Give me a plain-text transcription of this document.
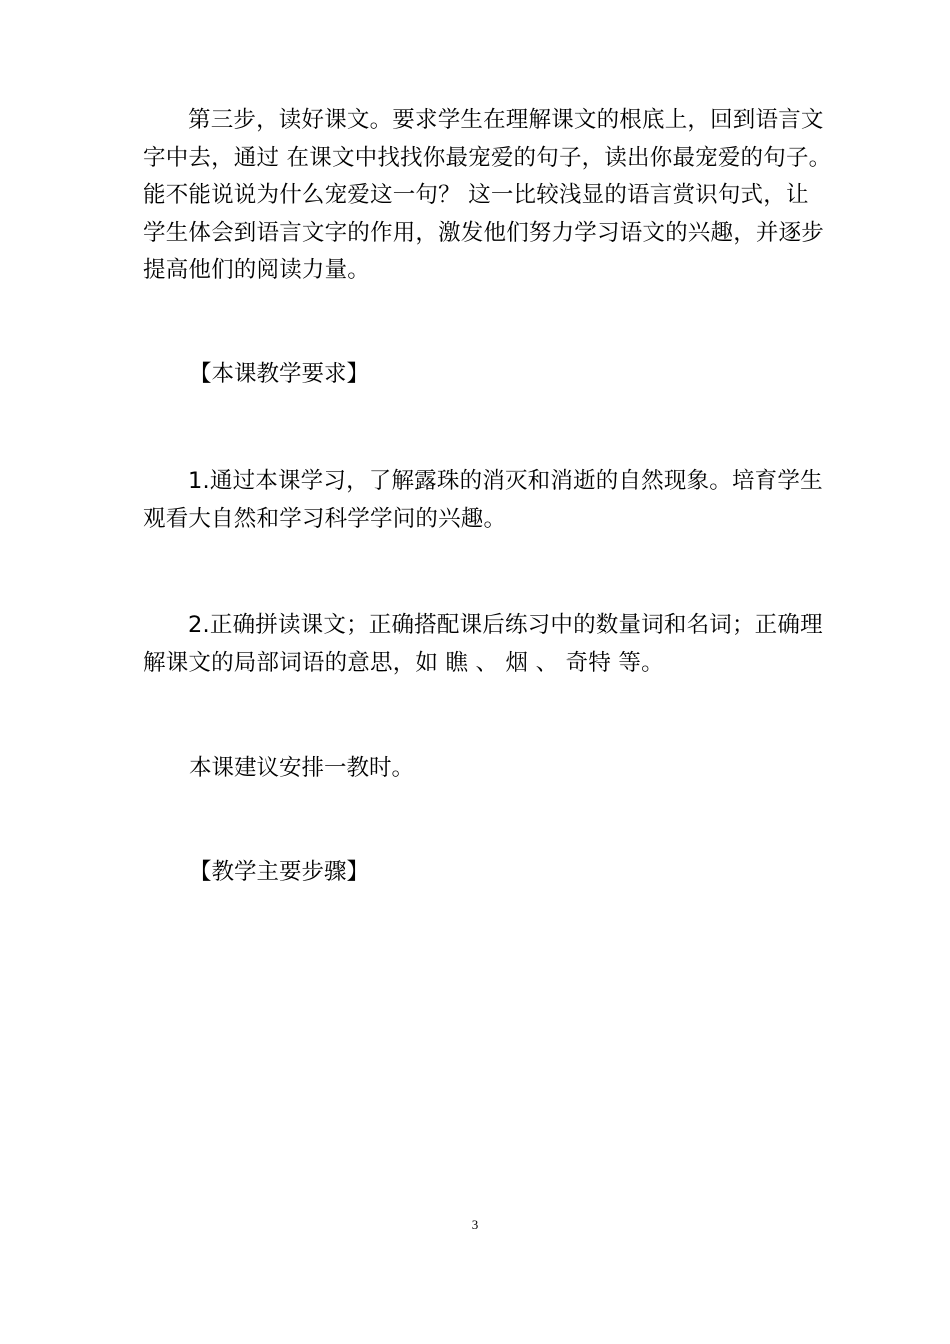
第三步，读好课文。要求学生在理解课文的根底上，回到语言文
字中去，通过 在课文中找找你最宠爱的句子，读出你最宠爱的句子。
能不能说说为什么宠爱这一句？ 这一比较浅显的语言赏识句式，让
学生体会到语言文字的作用，激发他们努力学习语文的兴趣，并逐步
提高他们的阅读力量。
【本课教学要求】
1.通过本课学习，了解露珠的消灭和消逝的自然现象。培育学生
观看大自然和学习科学学问的兴趣。
2.正确拼读课文；正确搭配课后练习中的数量词和名词；正确理
解课文的局部词语的意思，如 瞧 、 烟 、 奇特 等。
本课建议安排一教时。
【教学主要步骤】
3
